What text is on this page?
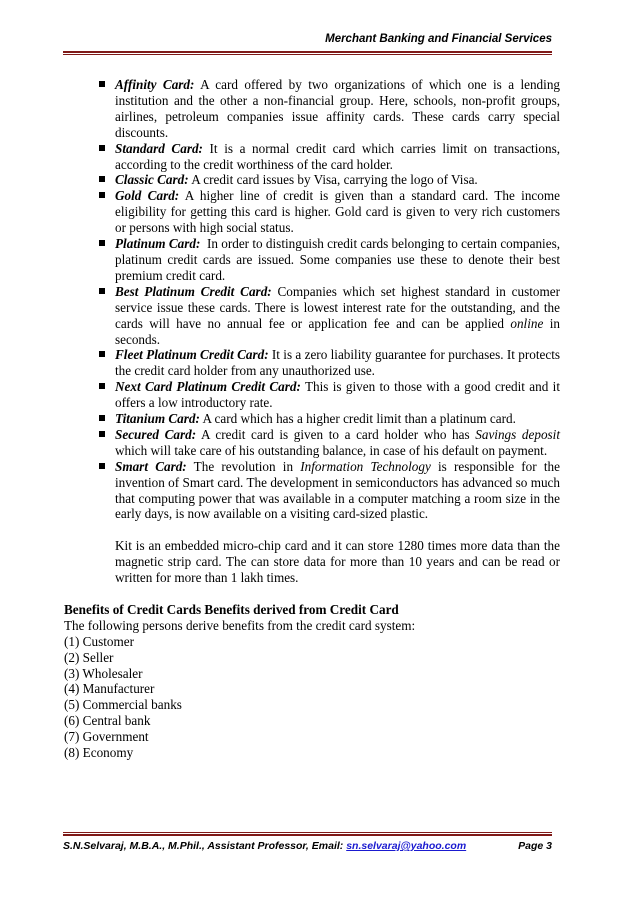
Merchant Banking and Financial Services
Affinity Card: A card offered by two organizations of which one is a lending institution and the other a non-financial group. Here, schools, non-profit groups, airlines, petroleum companies issue affinity cards. These cards carry special discounts.
Standard Card: It is a normal credit card which carries limit on transactions, according to the credit worthiness of the card holder.
Classic Card: A credit card issues by Visa, carrying the logo of Visa.
Gold Card: A higher line of credit is given than a standard card. The income eligibility for getting this card is higher. Gold card is given to very rich customers or persons with high social status.
Platinum Card:  In order to distinguish credit cards belonging to certain companies, platinum credit cards are issued. Some companies use these to denote their best premium credit card.
Best Platinum Credit Card: Companies which set highest standard in customer service issue these cards. There is lowest interest rate for the outstanding, and the cards will have no annual fee or application fee and can be applied online in seconds.
Fleet Platinum Credit Card: It is a zero liability guarantee for purchases. It protects the credit card holder from any unauthorized use.
Next Card Platinum Credit Card: This is given to those with a good credit and it offers a low introductory rate.
Titanium Card: A card which has a higher credit limit than a platinum card.
Secured Card: A credit card is given to a card holder who has Savings deposit which will take care of his outstanding balance, in case of his default on payment.
Smart Card: The revolution in Information Technology is responsible for the invention of Smart card. The development in semiconductors has advanced so much that computing power that was available in a computer matching a room size in the early days, is now available on a visiting card-sized plastic.
Kit is an embedded micro-chip card and it can store 1280 times more data than the magnetic strip card. The can store data for more than 10 years and can be read or written for more than 1 lakh times.
Benefits of Credit Cards Benefits derived from Credit Card
The following persons derive benefits from the credit card system:
(1) Customer
(2) Seller
(3) Wholesaler
(4) Manufacturer
(5) Commercial banks
(6) Central bank
(7) Government
(8) Economy
S.N.Selvaraj, M.B.A., M.Phil., Assistant Professor, Email: sn.selvaraj@yahoo.com	Page 3
